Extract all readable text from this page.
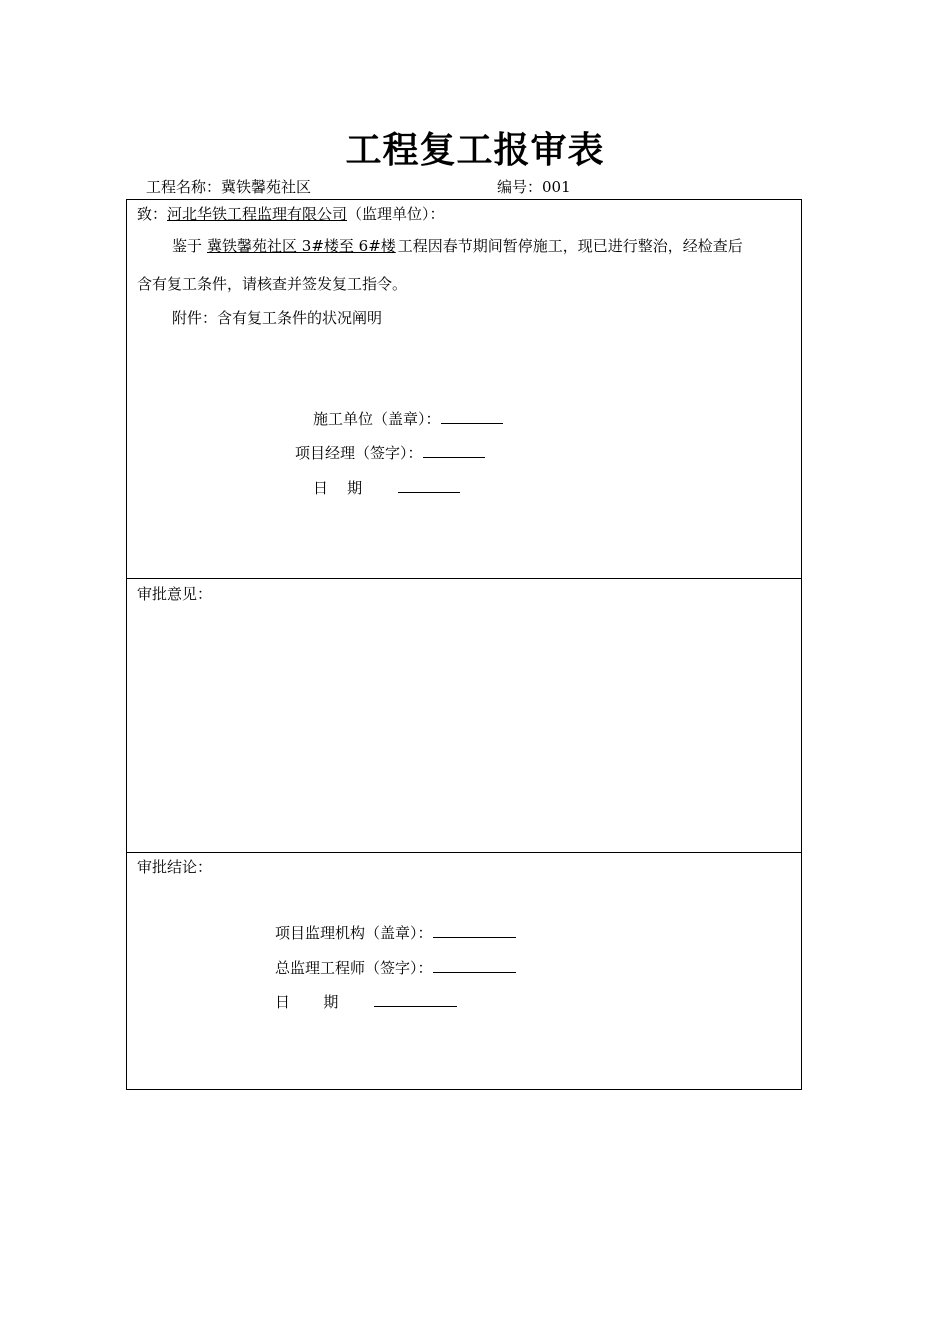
工程复工报审表
工程名称：冀铁馨苑社区	编号：001
致：河北华铁工程监理有限公司（监理单位）：
鉴于 冀铁馨苑社区 3#楼至 6#楼 工程因春节期间暂停施工，现已进行整治，经检查后
含有复工条件，请核查并签发复工指令。
附件：含有复工条件的状况阐明
施工单位（盖章）：
项目经理（签字）：
日    期
审批意见：
审批结论：
项目监理机构（盖章）：
总监理工程师（签字）：
日       期
